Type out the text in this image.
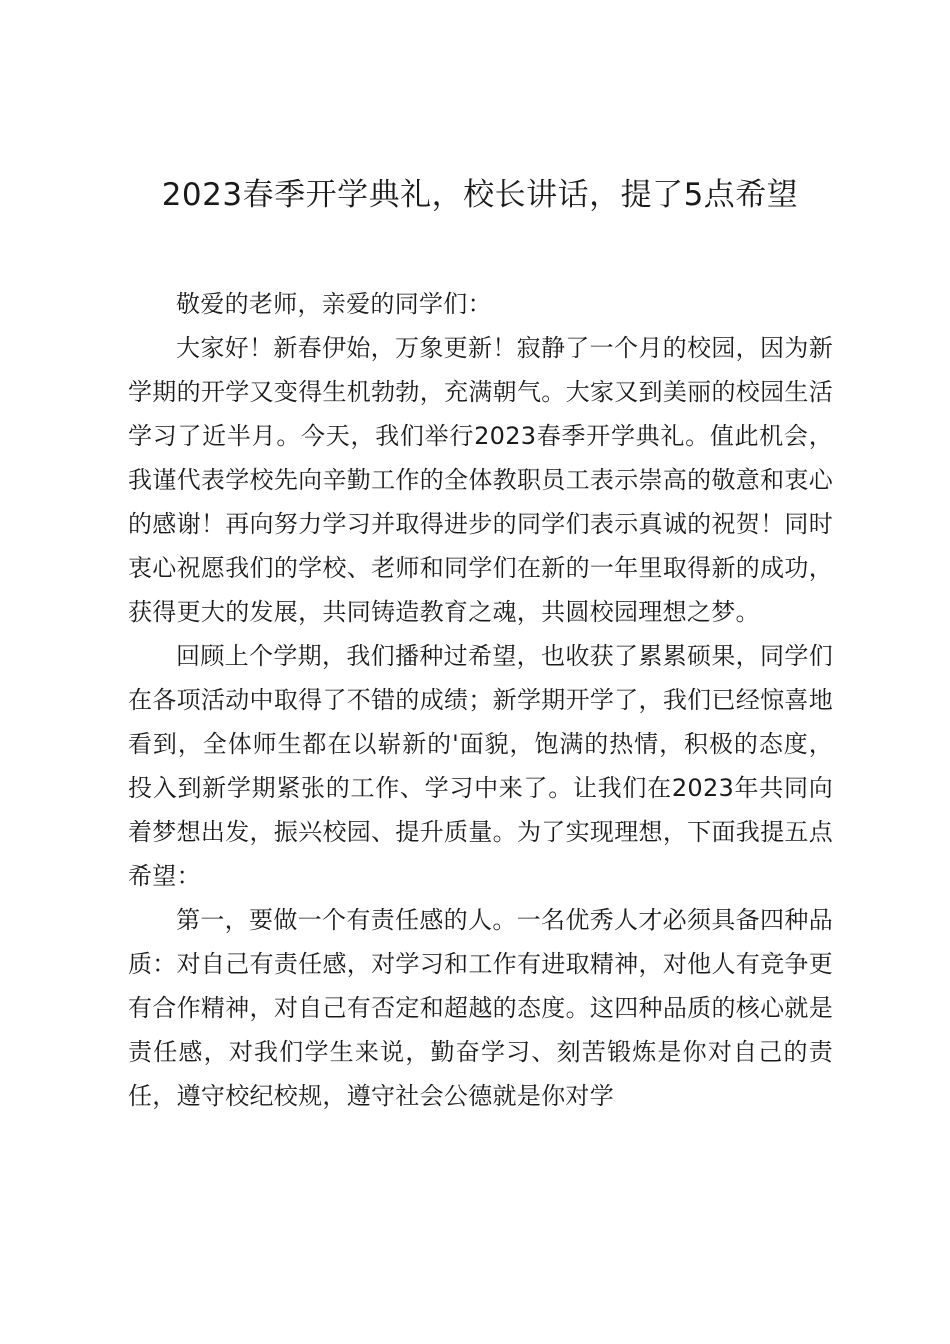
2023春季开学典礼，校长讲话，提了5点希望

敬爱的老师，亲爱的同学们：

大家好！新春伊始，万象更新！寂静了一个月的校园，因为新学期的开学又变得生机勃勃，充满朝气。大家又到美丽的校园生活学习了近半月。今天，我们举行2023春季开学典礼。值此机会，我谨代表学校先向辛勤工作的全体教职员工表示崇高的敬意和衷心的感谢！再向努力学习并取得进步的同学们表示真诚的祝贺！同时衷心祝愿我们的学校、老师和同学们在新的一年里取得新的成功，获得更大的发展，共同铸造教育之魂，共圆校园理想之梦。

回顾上个学期，我们播种过希望，也收获了累累硕果，同学们在各项活动中取得了不错的成绩；新学期开学了，我们已经惊喜地看到，全体师生都在以崭新的'面貌，饱满的热情，积极的态度，投入到新学期紧张的工作、学习中来了。让我们在2023年共同向着梦想出发，振兴校园、提升质量。为了实现理想，下面我提五点希望：

第一，要做一个有责任感的人。一名优秀人才必须具备四种品质：对自己有责任感，对学习和工作有进取精神，对他人有竞争更有合作精神，对自己有否定和超越的态度。这四种品质的核心就是责任感，对我们学生来说，勤奋学习、刻苦锻炼是你对自己的责任，遵守校纪校规，遵守社会公德就是你对学
